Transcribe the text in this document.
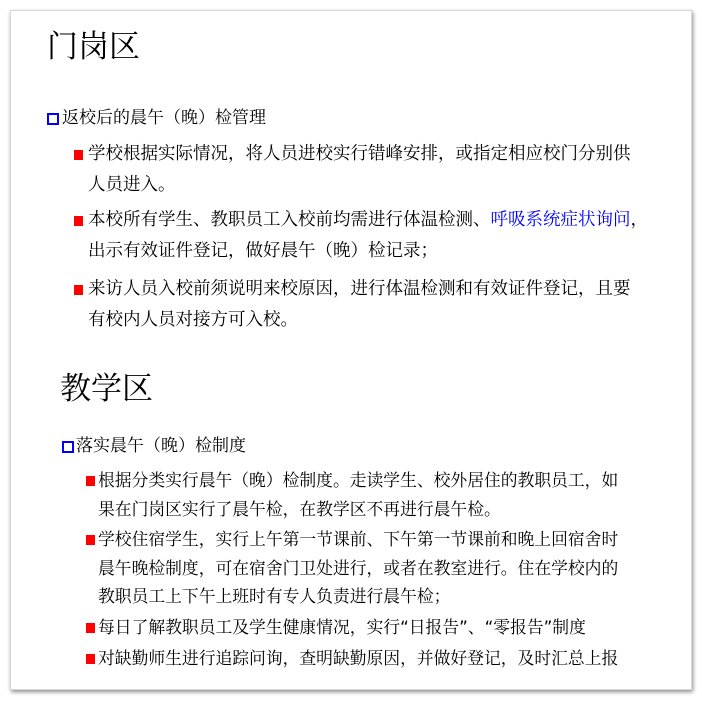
门岗区
返校后的晨午（晚）检管理
学校根据实际情况，将人员进校实行错峰安排，或指定相应校门分别供
人员进入。
本校所有学生、教职员工入校前均需进行体温检测、呼吸系统症状询问，
出示有效证件登记，做好晨午（晚）检记录；
来访人员入校前须说明来校原因，进行体温检测和有效证件登记，且要
有校内人员对接方可入校。
教学区
落实晨午（晚）检制度
根据分类实行晨午（晚）检制度。走读学生、校外居住的教职员工，如
果在门岗区实行了晨午检，在教学区不再进行晨午检。
学校住宿学生，实行上午第一节课前、下午第一节课前和晚上回宿舍时
晨午晚检制度，可在宿舍门卫处进行，或者在教室进行。住在学校内的
教职员工上下午上班时有专人负责进行晨午检；
每日了解教职员工及学生健康情况，实行“日报告”、“零报告”制度
对缺勤师生进行追踪问询，查明缺勤原因，并做好登记，及时汇总上报
